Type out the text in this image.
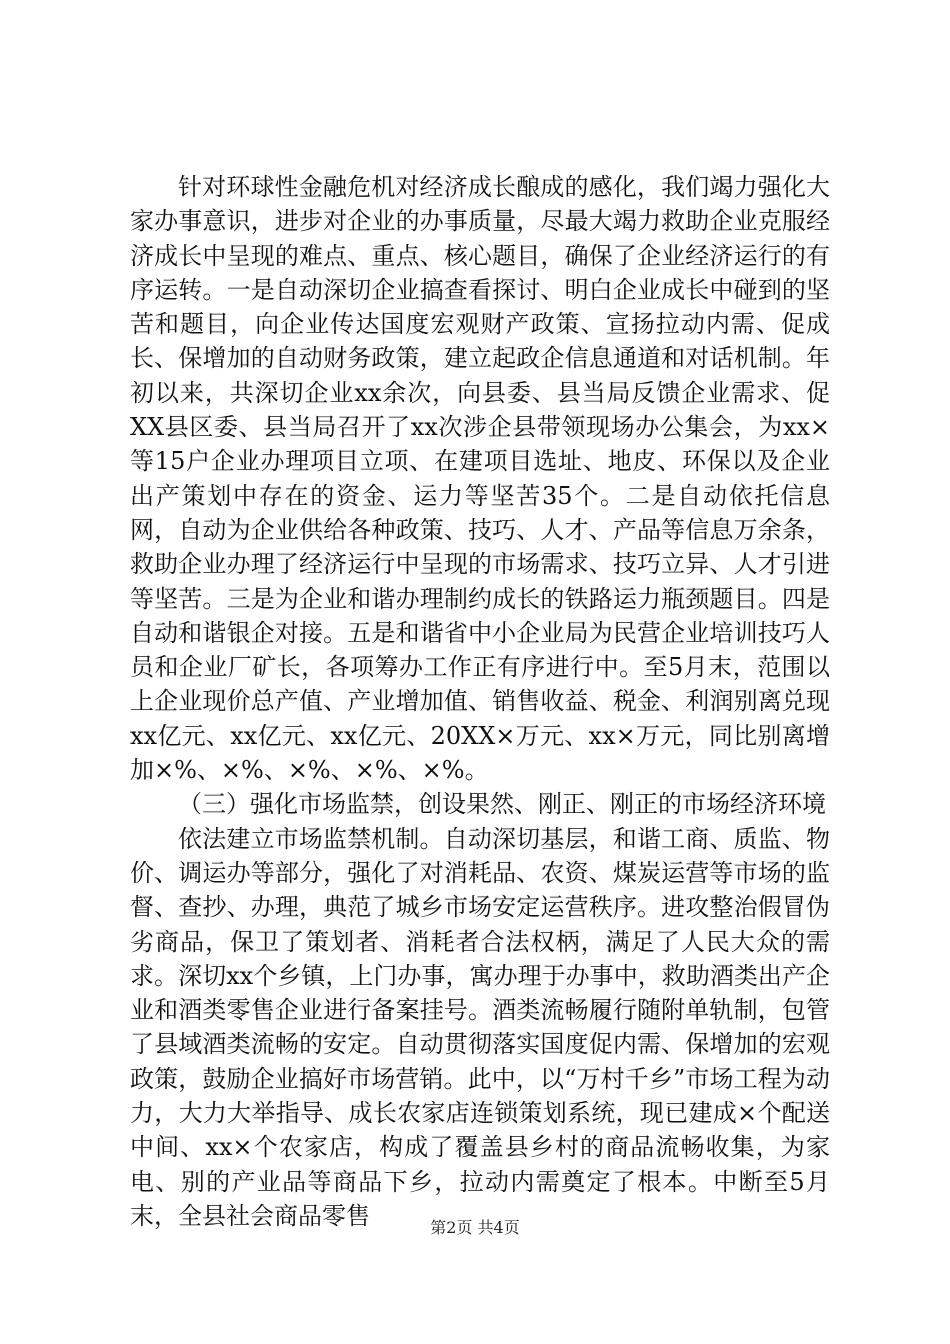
针对环球性金融危机对经济成长酿成的感化，我们竭力强化大家办事意识，进步对企业的办事质量，尽最大竭力救助企业克服经济成长中呈现的难点、重点、核心题目，确保了企业经济运行的有序运转。一是自动深切企业搞查看探讨、明白企业成长中碰到的坚苦和题目，向企业传达国度宏观财产政策、宣扬拉动内需、促成长、保增加的自动财务政策，建立起政企信息通道和对话机制。年初以来，共深切企业xx余次，向县委、县当局反馈企业需求、促XX县区委、县当局召开了xx次涉企县带领现场办公集会，为xx×等15户企业办理项目立项、在建项目选址、地皮、环保以及企业出产策划中存在的资金、运力等坚苦35个。二是自动依托信息网，自动为企业供给各种政策、技巧、人才、产品等信息万余条，救助企业办理了经济运行中呈现的市场需求、技巧立异、人才引进等坚苦。三是为企业和谐办理制约成长的铁路运力瓶颈题目。四是自动和谐银企对接。五是和谐省中小企业局为民营企业培训技巧人员和企业厂矿长，各项筹办工作正有序进行中。至5月末，范围以上企业现价总产值、产业增加值、销售收益、税金、利润别离兑现xx亿元、xx亿元、xx亿元、20XX×万元、xx×万元，同比别离增加×%、×%、×%、×%、×%。

（三）强化市场监禁，创设果然、刚正、刚正的市场经济环境

依法建立市场监禁机制。自动深切基层，和谐工商、质监、物价、调运办等部分，强化了对消耗品、农资、煤炭运营等市场的监督、查抄、办理，典范了城乡市场安定运营秩序。进攻整治假冒伪劣商品，保卫了策划者、消耗者合法权柄，满足了人民大众的需求。深切xx个乡镇，上门办事，寓办理于办事中，救助酒类出产企业和酒类零售企业进行备案挂号。酒类流畅履行随附单轨制，包管了县域酒类流畅的安定。自动贯彻落实国度促内需、保增加的宏观政策，鼓励企业搞好市场营销。此中，以“万村千乡”市场工程为动力，大力大举指导、成长农家店连锁策划系统，现已建成×个配送中间、xx×个农家店，构成了覆盖县乡村的商品流畅收集，为家电、别的产业品等商品下乡，拉动内需奠定了根本。中断至5月末，全县社会商品零售	第2页 共4页
